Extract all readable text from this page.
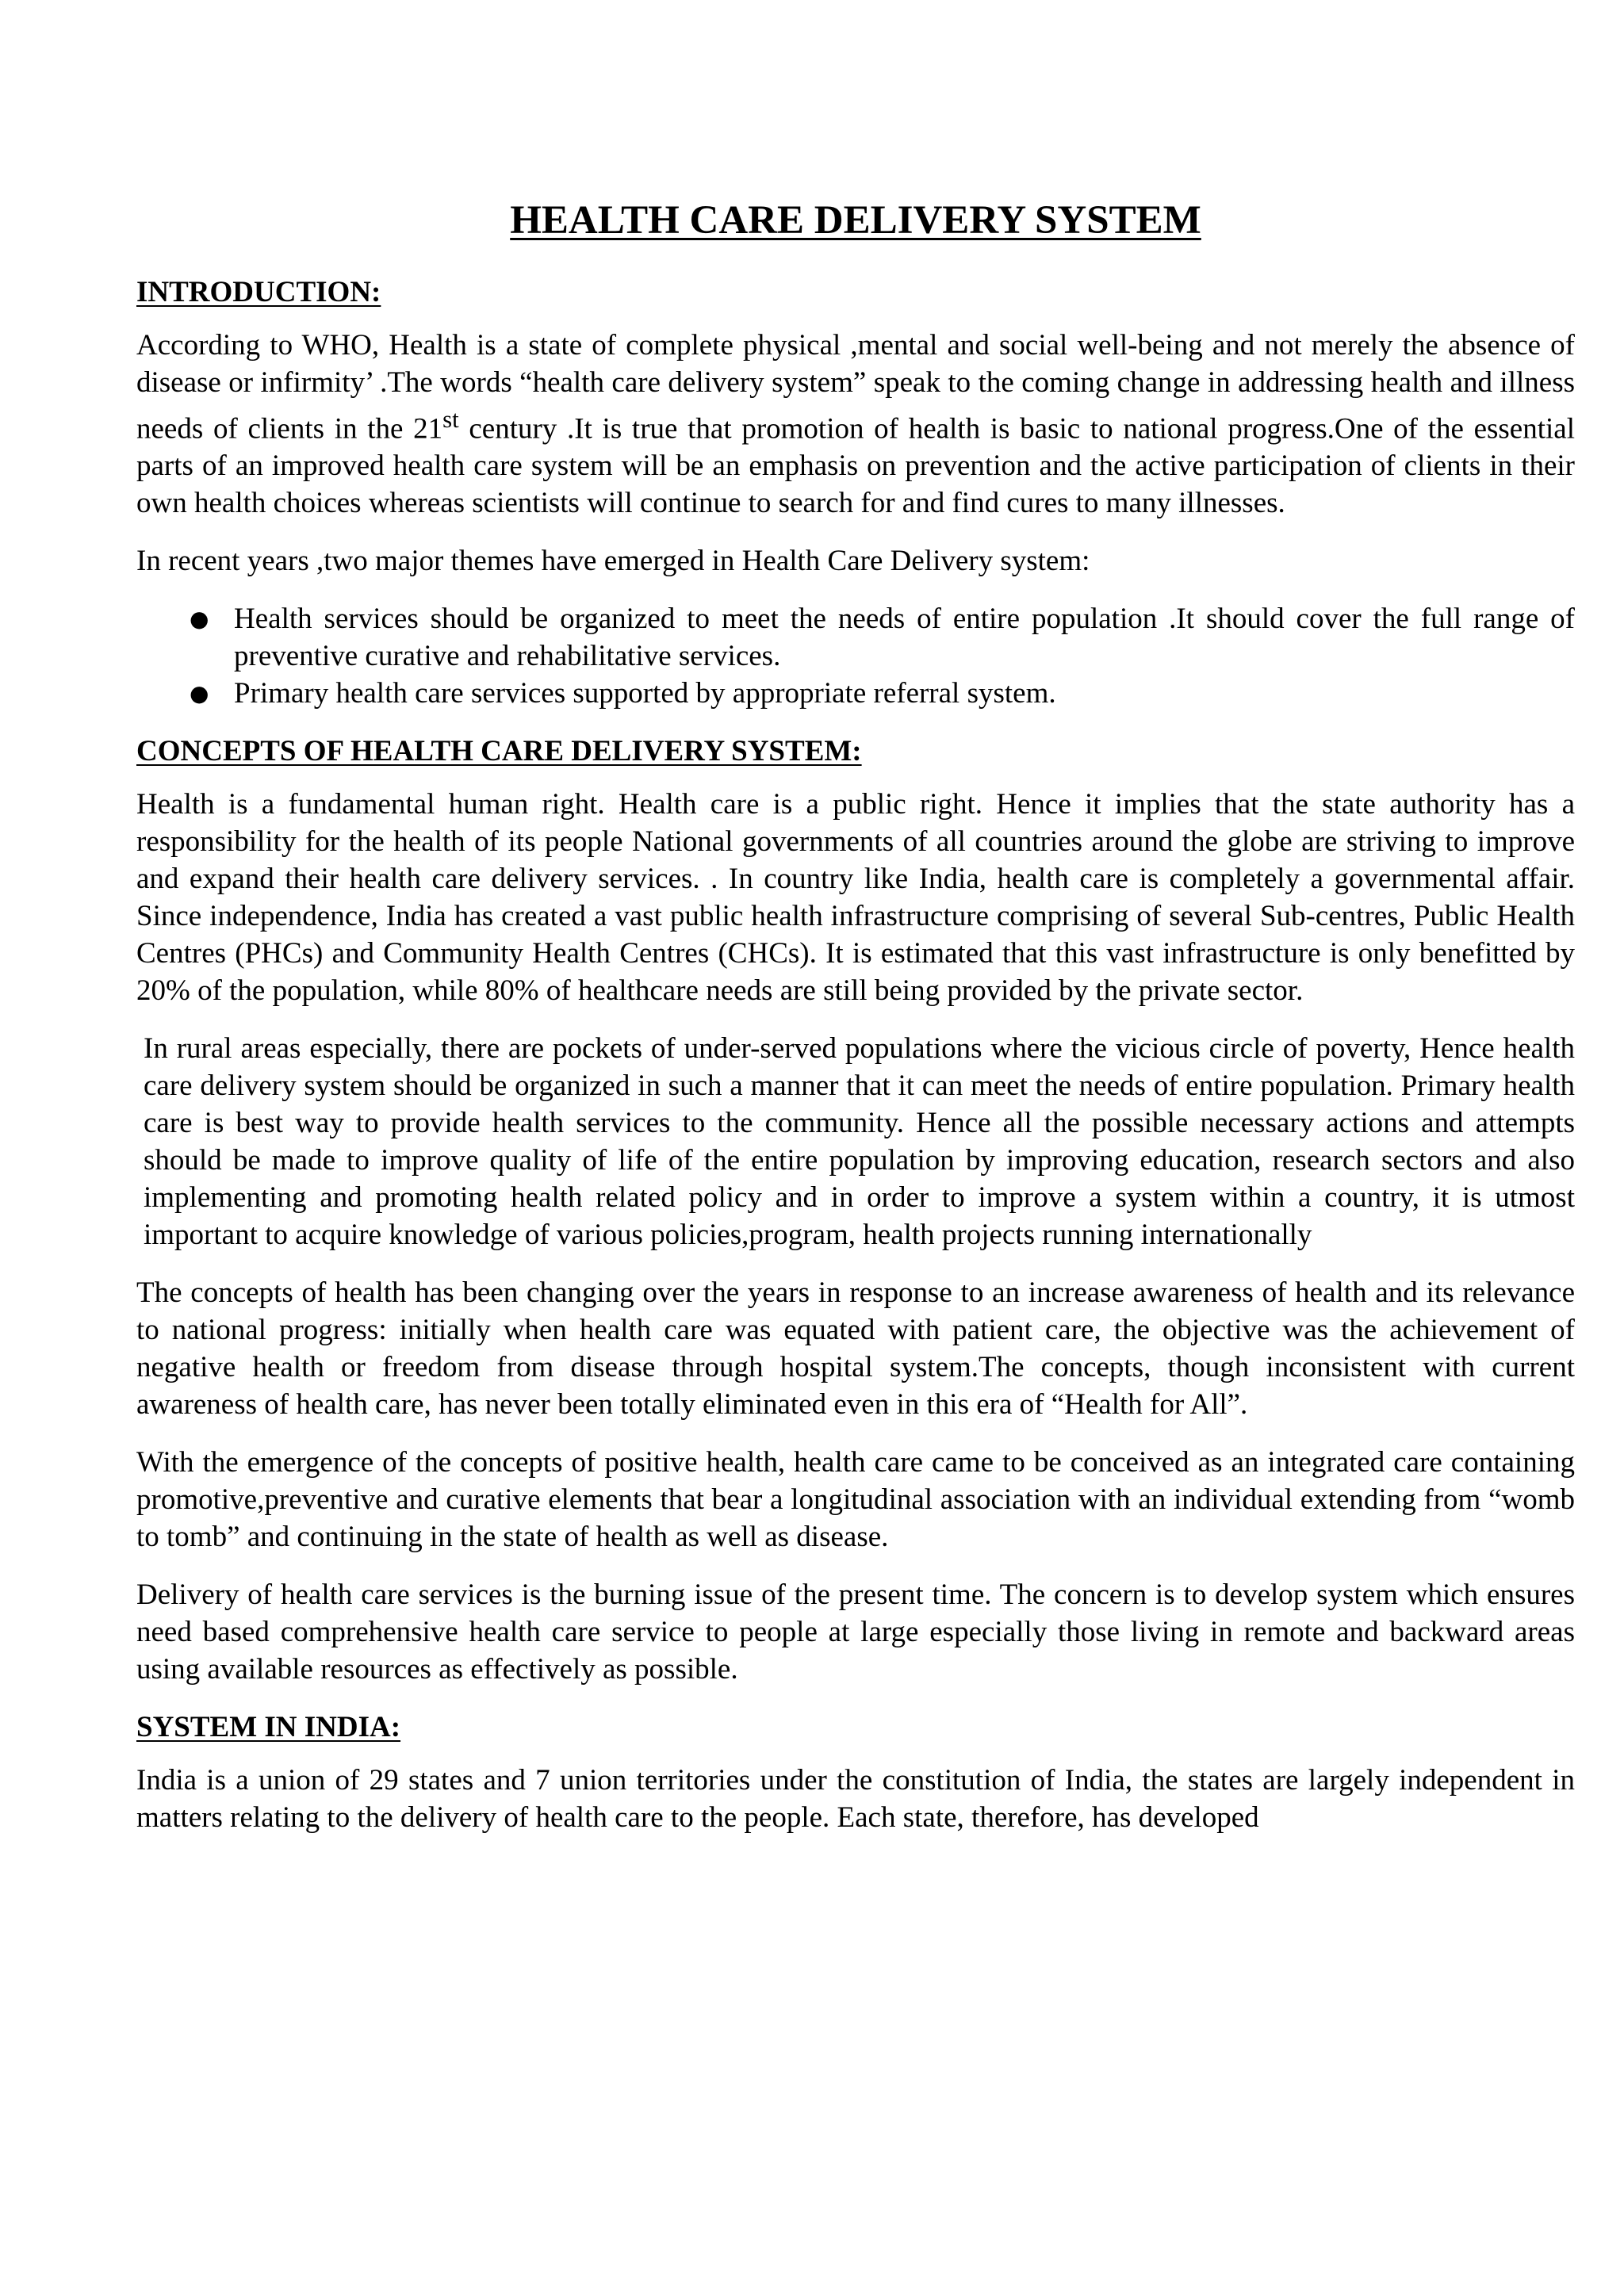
HEALTH CARE DELIVERY SYSTEM
INTRODUCTION:

According to WHO, Health is a state of complete physical ,mental and social well-being and not merely the absence of disease or infirmity’ .The words “health care delivery system” speak to the coming change in addressing health and illness needs of clients in the 21st century .It is true that promotion of health is basic to national progress.One of the essential parts of an improved health care system will be an emphasis on prevention and the active participation of clients in their own health choices whereas scientists will continue to search for and find cures to many illnesses.

In recent years ,two major themes have emerged in Health Care Delivery system:

● Health services should be organized to meet the needs of entire population .It should cover the full range of preventive curative and rehabilitative services.
● Primary health care services supported by appropriate referral system.
CONCEPTS OF HEALTH CARE DELIVERY SYSTEM:

Health is a fundamental human right. Health care is a public right. Hence it implies that the state authority has a responsibility for the health of its people National governments of all countries around the globe are striving to improve and expand their health care delivery services. . In country like India, health care is completely a governmental affair. Since independence, India has created a vast public health infrastructure comprising of several Sub-centres, Public Health Centres (PHCs) and Community Health Centres (CHCs). It is estimated that this vast infrastructure is only benefitted by 20% of the population, while 80% of healthcare needs are still being provided by the private sector.

In rural areas especially, there are pockets of under-served populations where the vicious circle of poverty, Hence health care delivery system should be organized in such a manner that it can meet the needs of entire population. Primary health care is best way to provide health services to the community. Hence all the possible necessary actions and attempts should be made to improve quality of life of the entire population by improving education, research sectors and also implementing and promoting health related policy and in order to improve a system within a country, it is utmost important to acquire knowledge of various policies,program, health projects running internationally

The concepts of health has been changing over the years in response to an increase awareness of health and its relevance to national progress: initially when health care was equated with patient care, the objective was the achievement of negative health or freedom from disease through hospital system.The concepts, though inconsistent with current awareness of health care, has never been totally eliminated even in this era of “Health for All”.

With the emergence of the concepts of positive health, health care came to be conceived as an integrated care containing promotive,preventive and curative elements that bear a longitudinal association with an individual extending from “womb to tomb” and continuing in the state of health as well as disease.

Delivery of health care services is the burning issue of the present time. The concern is to develop system which ensures need based comprehensive health care service to people at large especially those living in remote and backward areas using available resources as effectively as possible.

SYSTEM IN INDIA:

India is a union of 29 states and 7 union territories under the constitution of India, the states are largely independent in matters relating to the delivery of health care to the people. Each state, therefore, has developed
